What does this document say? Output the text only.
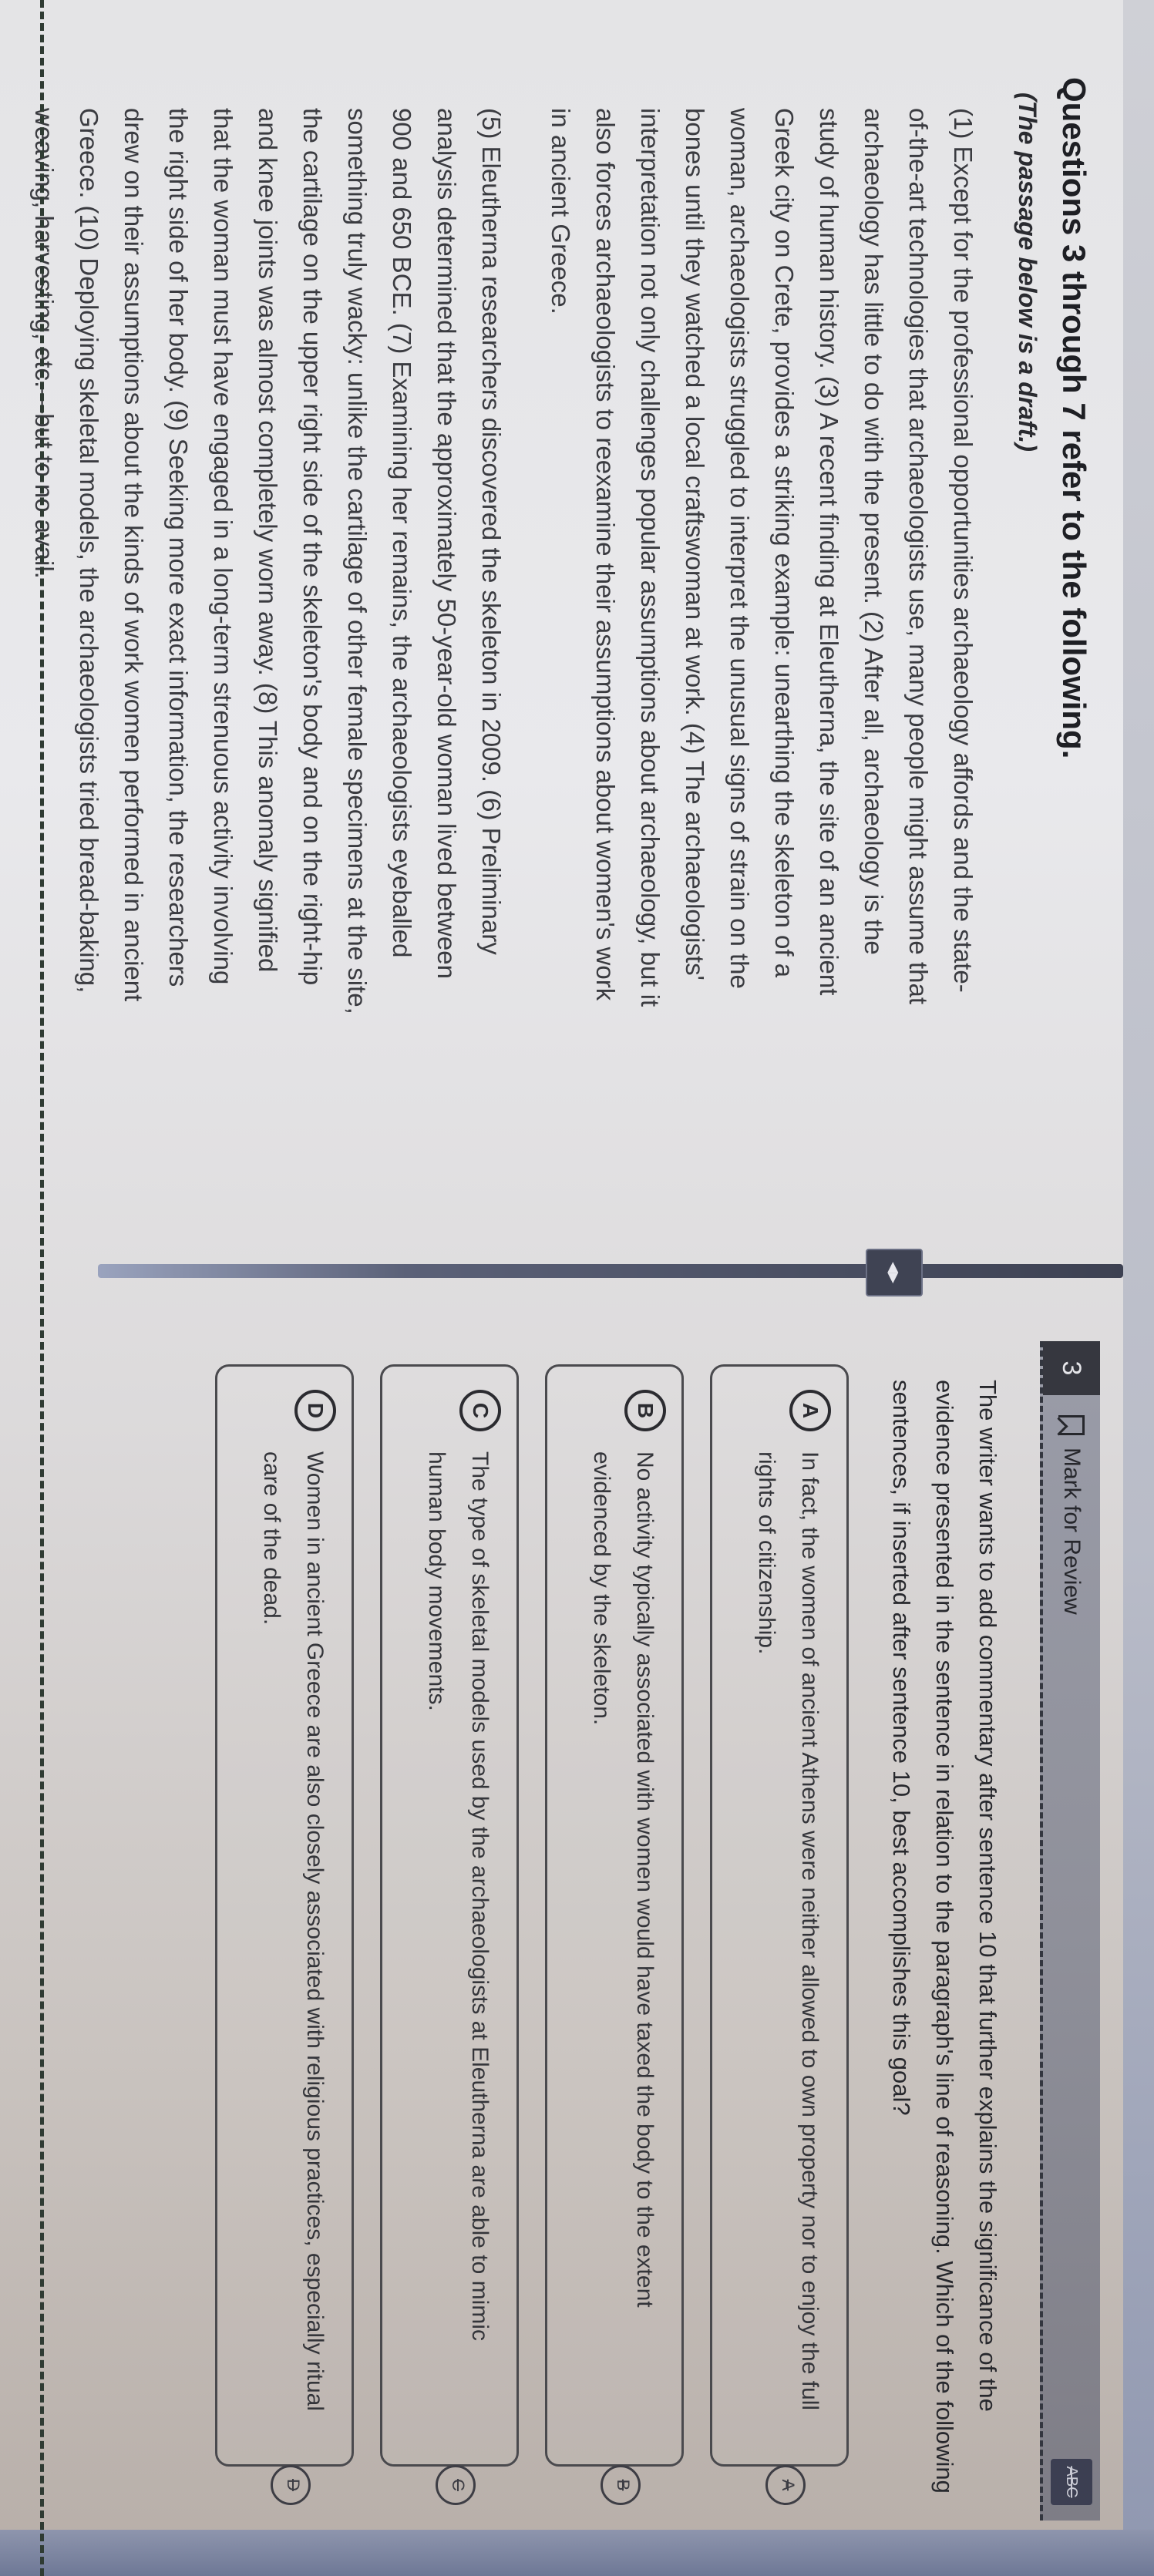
Questions 3 through 7 refer to the following.
(The passage below is a draft.)

(1) Except for the professional opportunities archaeology affords and the state-of-the-art technologies that archaeologists use, many people might assume that archaeology has little to do with the present. (2) After all, archaeology is the study of human history. (3) A recent finding at Eleutherna, the site of an ancient Greek city on Crete, provides a striking example: unearthing the skeleton of a woman, archaeologists struggled to interpret the unusual signs of strain on the bones until they watched a local craftswoman at work. (4) The archaeologists' interpretation not only challenges popular assumptions about archaeology, but it also forces archaeologists to reexamine their assumptions about women's work in ancient Greece.

(5) Eleutherna researchers discovered the skeleton in 2009. (6) Preliminary analysis determined that the approximately 50-year-old woman lived between 900 and 650 BCE. (7) Examining her remains, the archaeologists eyeballed something truly wacky: unlike the cartilage of other female specimens at the site, the cartilage on the upper right side of the skeleton's body and on the right-hip and knee joints was almost completely worn away. (8) This anomaly signified that the woman must have engaged in a long-term strenuous activity involving the right side of her body. (9) Seeking more exact information, the researchers drew on their assumptions about the kinds of work women performed in ancient Greece. (10) Deploying skeletal models, the archaeologists tried bread-baking, weaving, harvesting, etc.—but to no avail.

◂▸
3
Mark for Review
ABC
The writer wants to add commentary after sentence 10 that further explains the significance of the evidence presented in the sentence in relation to the paragraph's line of reasoning. Which of the following sentences, if inserted after sentence 10, best accomplishes this goal?
A
In fact, the women of ancient Athens were neither allowed to own property nor to enjoy the full rights of citizenship.
A
B
No activity typically associated with women would have taxed the body to the extent evidenced by the skeleton.
B
C
The type of skeletal models used by the archaeologists at Eleutherna are able to mimic human body movements.
C
D
Women in ancient Greece are also closely associated with religious practices, especially ritual care of the dead.
D
